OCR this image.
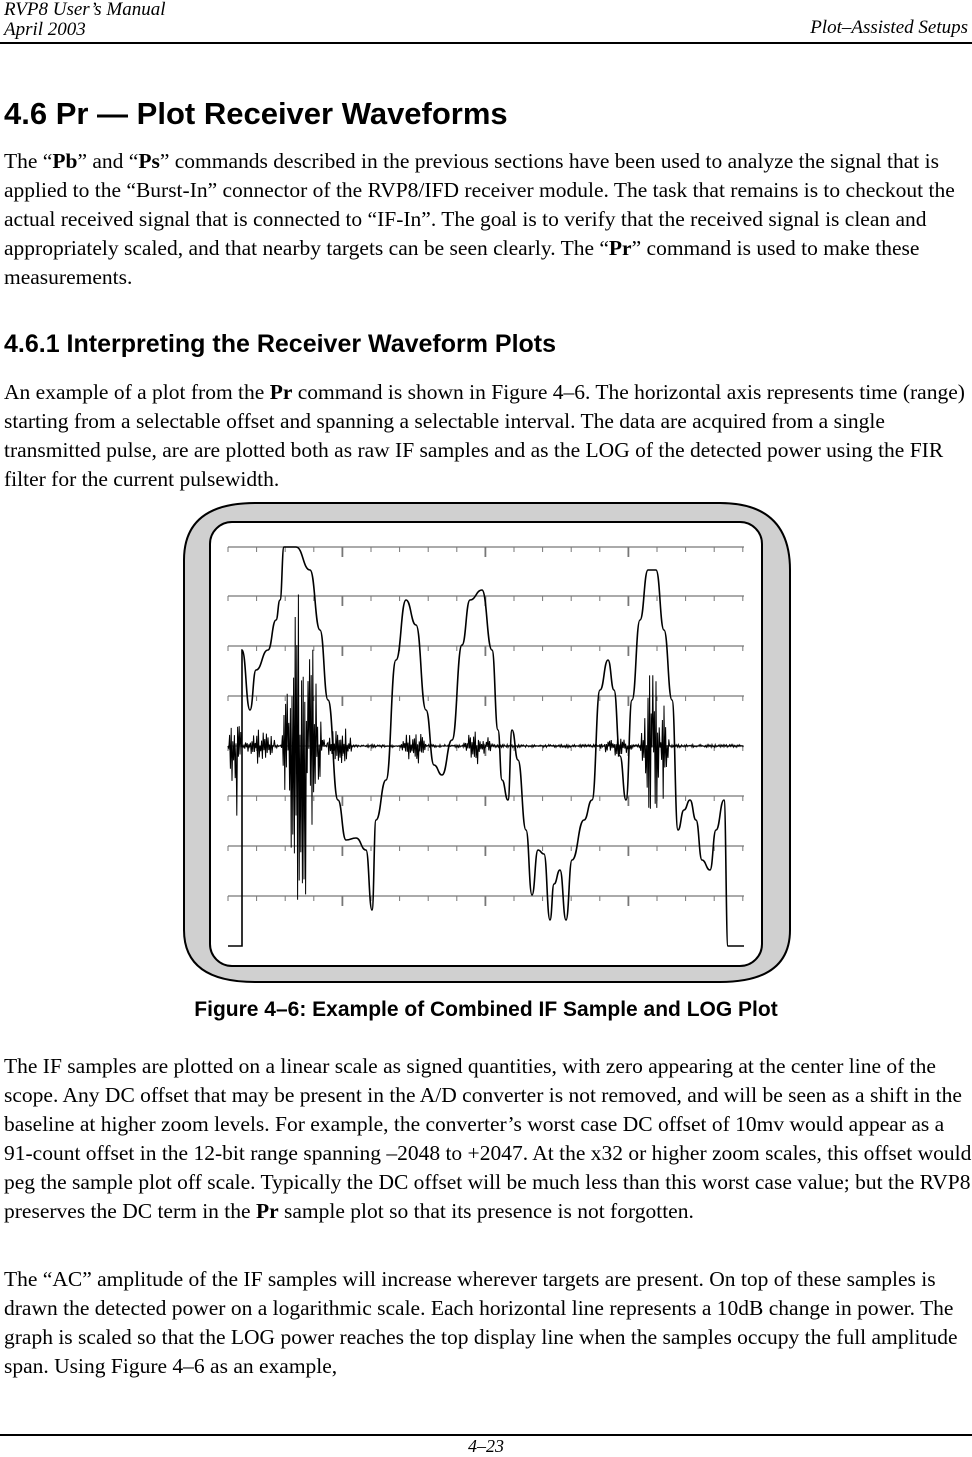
RVP8 User’s Manual
April 2003	Plot–Assisted Setups
4.6 Pr — Plot Receiver Waveforms

The “Pb” and “Ps” commands described in the previous sections have been used to analyze the signal that is applied to the “Burst-In” connector of the RVP8/IFD receiver module. The task that remains is to checkout the actual received signal that is connected to “IF-In”. The goal is to verify that the received signal is clean and appropriately scaled, and that nearby targets can be seen clearly. The “Pr” command is used to make these measurements.

4.6.1 Interpreting the Receiver Waveform Plots

An example of a plot from the Pr command is shown in Figure 4–6. The horizontal axis represents time (range) starting from a selectable offset and spanning a selectable interval. The data are acquired from a single transmitted pulse, are are plotted both as raw IF samples and as the LOG of the detected power using the FIR filter for the current pulsewidth.

Figure 4–6: Example of Combined IF Sample and LOG Plot

The IF samples are plotted on a linear scale as signed quantities, with zero appearing at the center line of the scope. Any DC offset that may be present in the A/D converter is not removed, and will be seen as a shift in the baseline at higher zoom levels. For example, the converter’s worst case DC offset of 10mv would appear as a 91-count offset in the 12-bit range spanning –2048 to +2047. At the x32 or higher zoom scales, this offset would peg the sample plot off scale. Typically the DC offset will be much less than this worst case value; but the RVP8 preserves the DC term in the Pr sample plot so that its presence is not forgotten.

The “AC” amplitude of the IF samples will increase wherever targets are present. On top of these samples is drawn the detected power on a logarithmic scale. Each horizontal line represents a 10dB change in power. The graph is scaled so that the LOG power reaches the top display line when the samples occupy the full amplitude span. Using Figure 4–6 as an example,

4–23
